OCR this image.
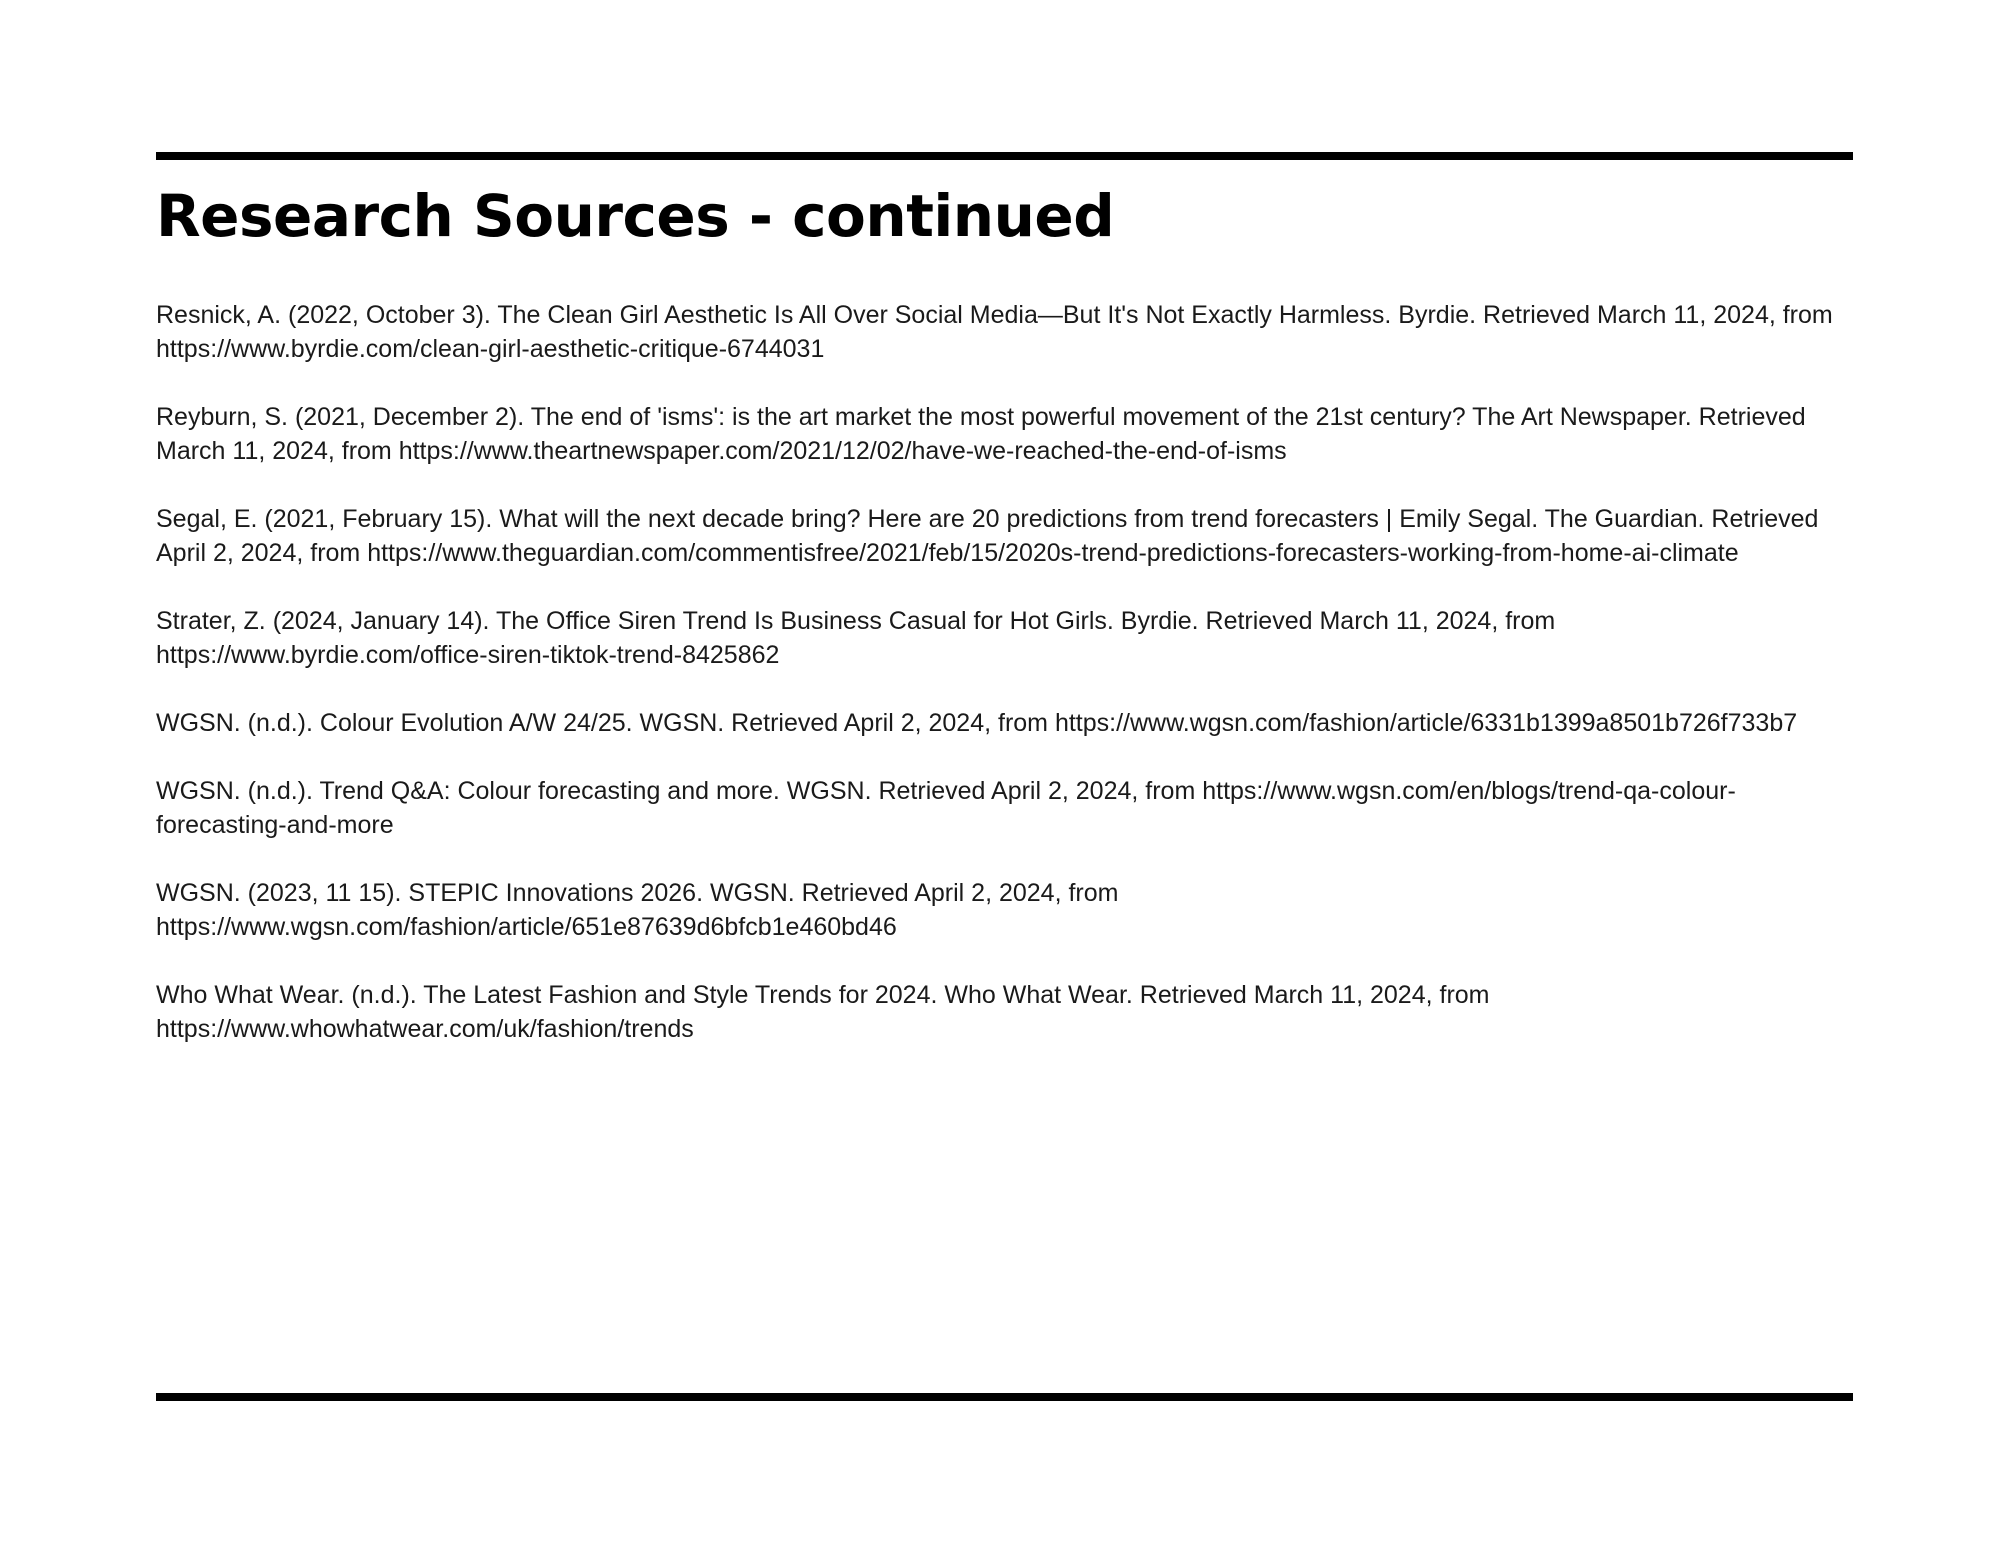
Research Sources - continued
Resnick, A. (2022, October 3). The Clean Girl Aesthetic Is All Over Social Media—But It's Not Exactly Harmless. Byrdie. Retrieved March 11, 2024, from https://www.byrdie.com/clean-girl-aesthetic-critique-6744031
Reyburn, S. (2021, December 2). The end of 'isms': is the art market the most powerful movement of the 21st century? The Art Newspaper. Retrieved March 11, 2024, from https://www.theartnewspaper.com/2021/12/02/have-we-reached-the-end-of-isms
Segal, E. (2021, February 15). What will the next decade bring? Here are 20 predictions from trend forecasters | Emily Segal. The Guardian. Retrieved April 2, 2024, from https://www.theguardian.com/commentisfree/2021/feb/15/2020s-trend-predictions-forecasters-working-from-home-ai-climate
Strater, Z. (2024, January 14). The Office Siren Trend Is Business Casual for Hot Girls. Byrdie. Retrieved March 11, 2024, from https://www.byrdie.com/office-siren-tiktok-trend-8425862
WGSN. (n.d.). Colour Evolution A/W 24/25. WGSN. Retrieved April 2, 2024, from https://www.wgsn.com/fashion/article/6331b1399a8501b726f733b7
WGSN. (n.d.). Trend Q&A: Colour forecasting and more. WGSN. Retrieved April 2, 2024, from https://www.wgsn.com/en/blogs/trend-qa-colour-forecasting-and-more
WGSN. (2023, 11 15). STEPIC Innovations 2026. WGSN. Retrieved April 2, 2024, from https://www.wgsn.com/fashion/article/651e87639d6bfcb1e460bd46
Who What Wear. (n.d.). The Latest Fashion and Style Trends for 2024. Who What Wear. Retrieved March 11, 2024, from https://www.whowhatwear.com/uk/fashion/trends
